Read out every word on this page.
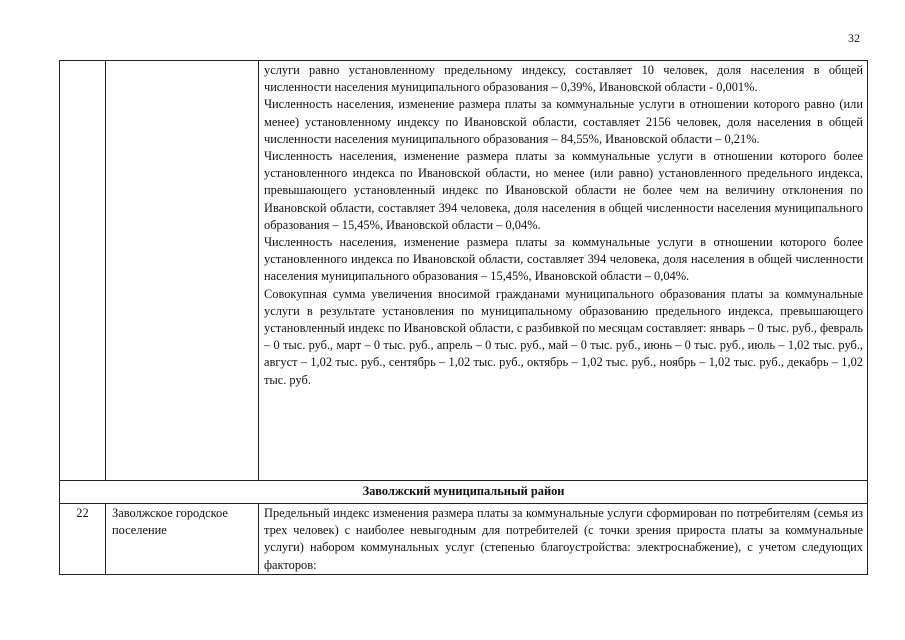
32

		услуги равно установленному предельному индексу, составляет 10 человек, доля населения в общей численности населения муниципального образования – 0,39%, Ивановской области - 0,001%.

Численность населения, изменение размера платы за коммунальные услуги в отношении которого равно (или менее) установленному индексу по Ивановской области, составляет 2156 человек, доля населения в общей численности населения муниципального образования – 84,55%, Ивановской области – 0,21%.

Численность населения, изменение размера платы за коммунальные услуги в отношении которого более установленного индекса по Ивановской области, но менее (или равно) установленного предельного индекса, превышающего установленный индекс по Ивановской области не более чем на величину отклонения по Ивановской области, составляет 394 человека, доля населения в общей численности населения муниципального образования – 15,45%, Ивановской области – 0,04%.

Численность населения, изменение размера платы за коммунальные услуги в отношении которого более установленного индекса по Ивановской области, составляет 394 человека, доля населения в общей численности населения муниципального образования – 15,45%, Ивановской области – 0,04%.

Совокупная сумма увеличения вносимой гражданами муниципального образования платы за коммунальные услуги в результате установления по муниципальному образованию предельного индекса, превышающего установленный индекс по Ивановской области, с разбивкой по месяцам составляет: январь – 0 тыс. руб., февраль – 0 тыс. руб., март – 0 тыс. руб., апрель – 0 тыс. руб., май – 0 тыс. руб., июнь – 0 тыс. руб., июль – 1,02 тыс. руб., август – 1,02 тыс. руб., сентябрь – 1,02 тыс. руб., октябрь – 1,02 тыс. руб., ноябрь – 1,02 тыс. руб., декабрь – 1,02 тыс. руб.

Заволжский муниципальный район		
22	Заволжское городское поселение	Предельный индекс изменения размера платы за коммунальные услуги сформирован по потребителям (семья из трех человек) с наиболее невыгодным для потребителей (с точки зрения прироста платы за коммунальные услуги) набором коммунальных услуг (степенью благоустройства: электроснабжение), с учетом следующих факторов:
